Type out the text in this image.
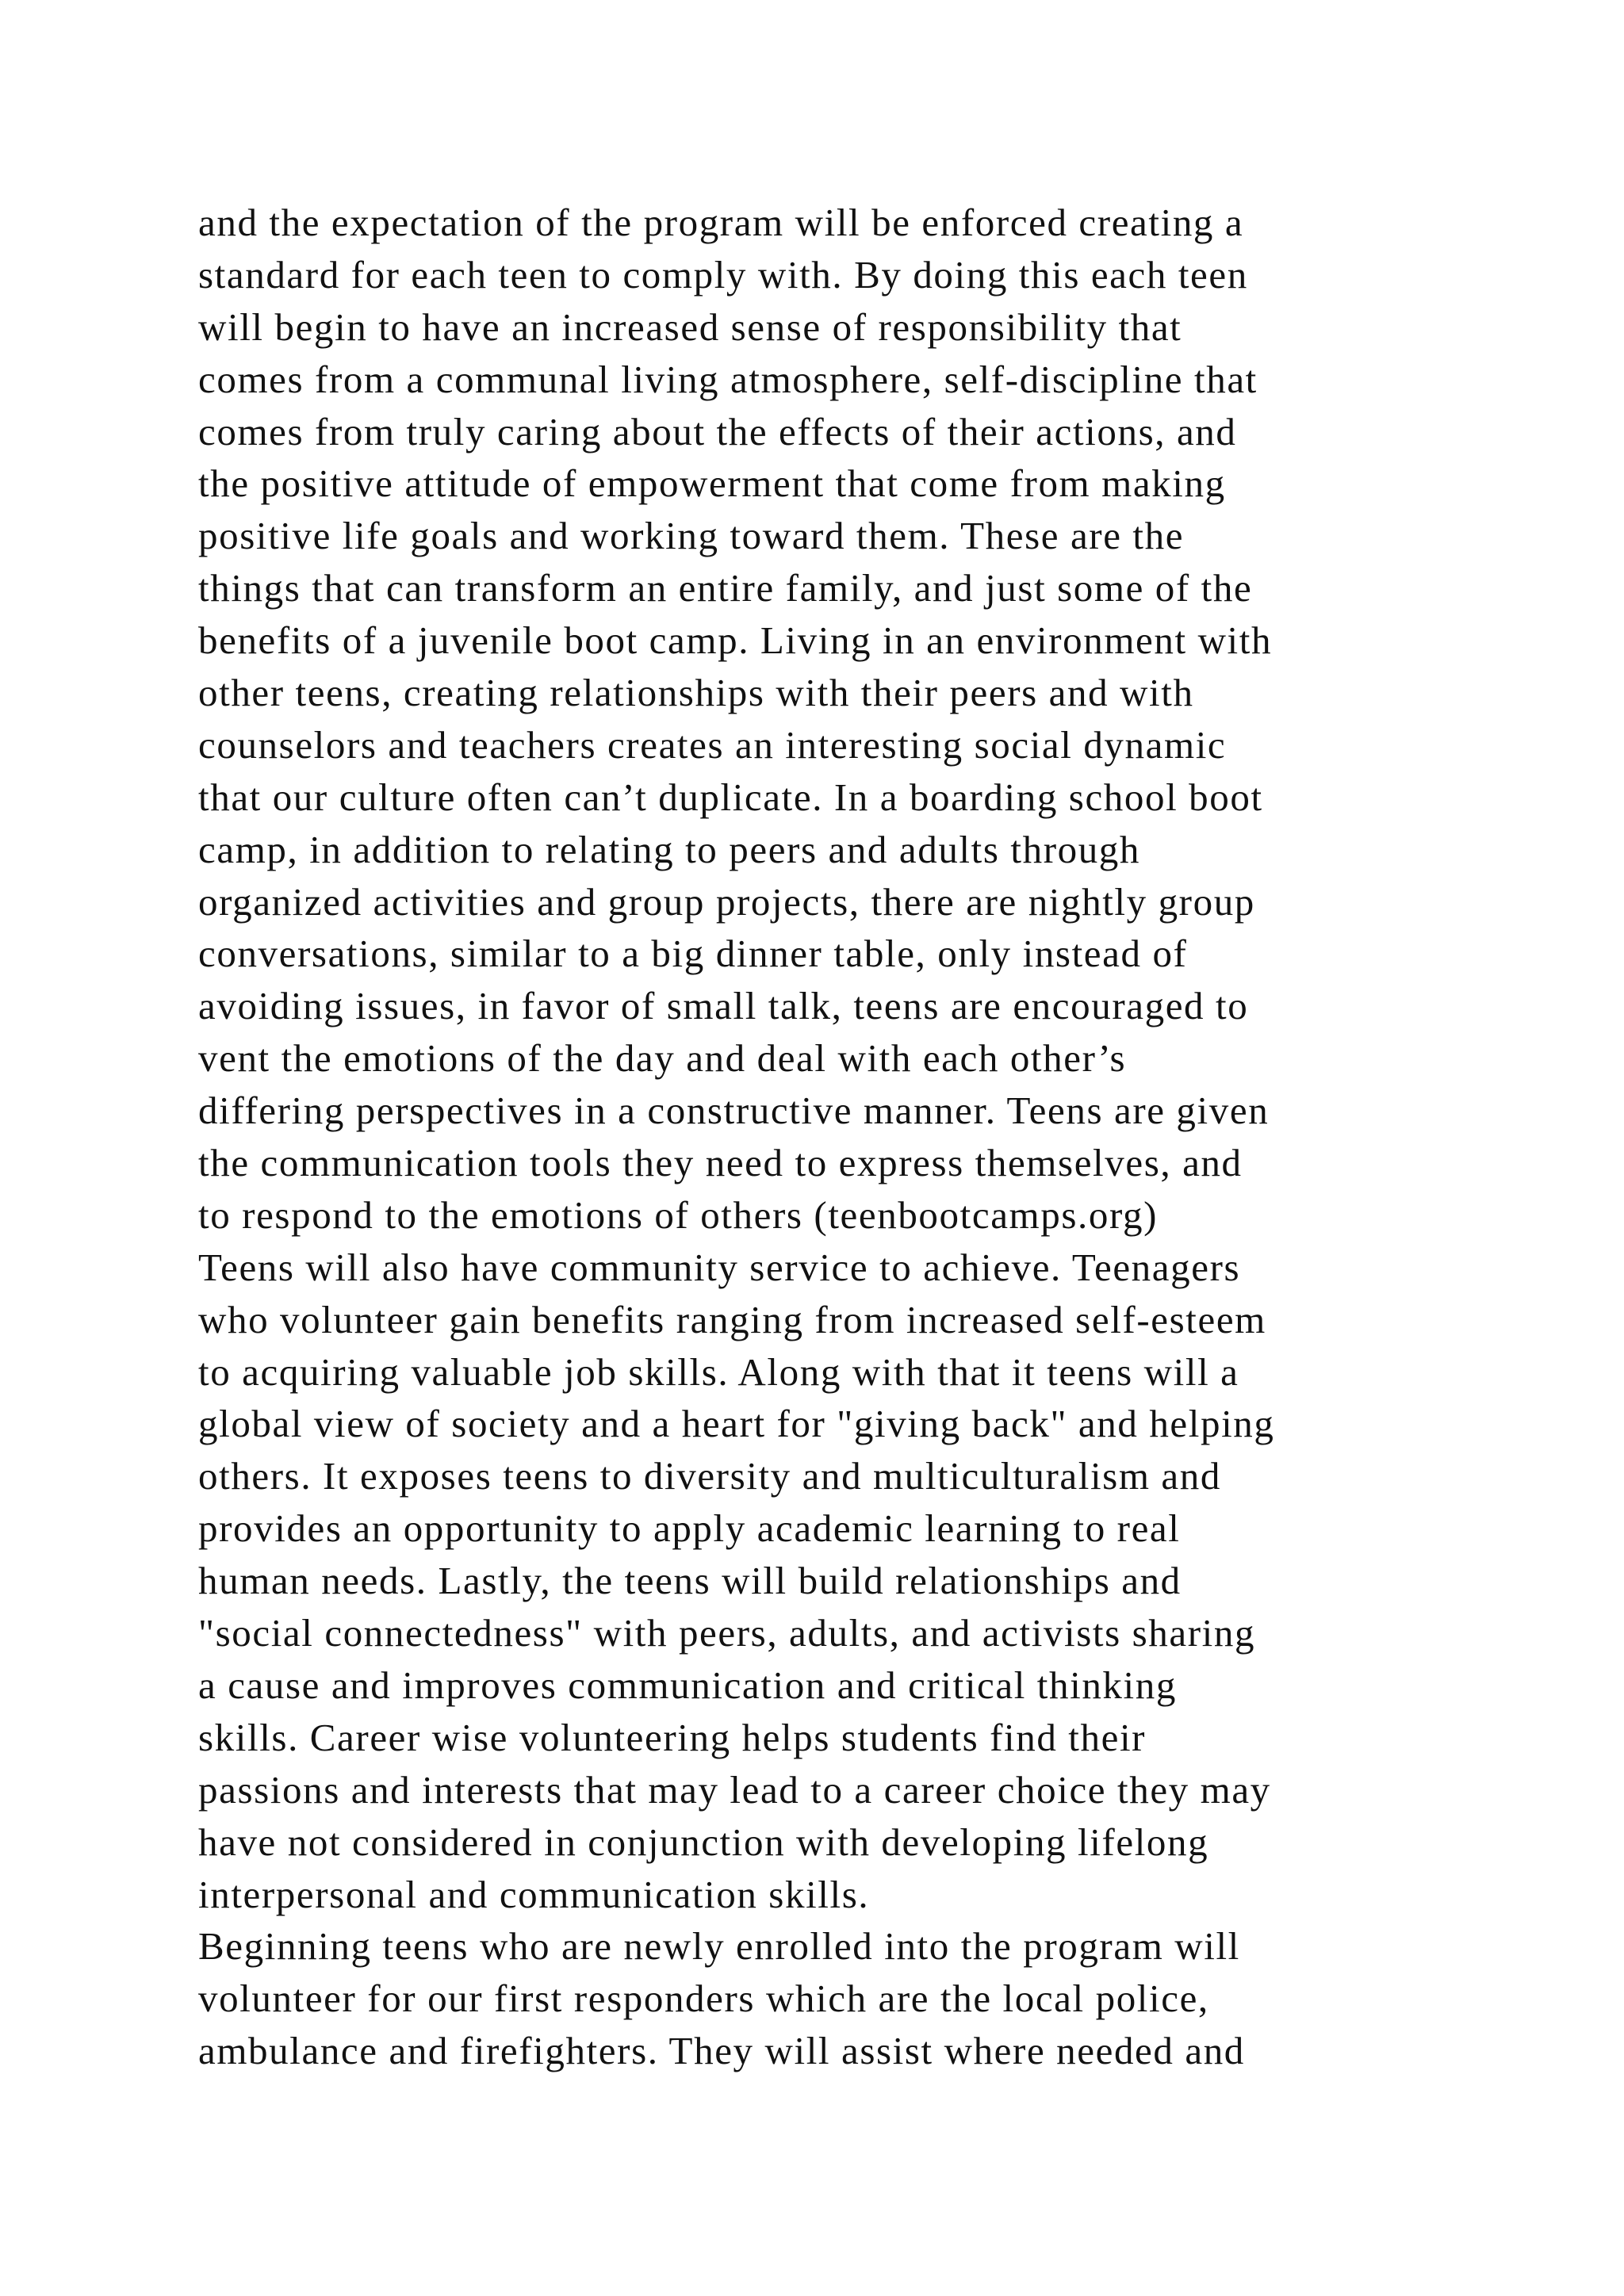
and the expectation of the program will be enforced creating a
standard for each teen to comply with. By doing this each teen
will begin to have an increased sense of responsibility that
comes from a communal living atmosphere, self-discipline that
comes from truly caring about the effects of their actions, and
the positive attitude of empowerment that come from making
positive life goals and working toward them. These are the
things that can transform an entire family, and just some of the
benefits of a juvenile boot camp. Living in an environment with
other teens, creating relationships with their peers and with
counselors and teachers creates an interesting social dynamic
that our culture often can’t duplicate. In a boarding school boot
camp, in addition to relating to peers and adults through
organized activities and group projects, there are nightly group
conversations, similar to a big dinner table, only instead of
avoiding issues, in favor of small talk, teens are encouraged to
vent the emotions of the day and deal with each other’s
differing perspectives in a constructive manner. Teens are given
the communication tools they need to express themselves, and
to respond to the emotions of others (teenbootcamps.org)
Teens will also have community service to achieve. Teenagers
who volunteer gain benefits ranging from increased self-esteem
to acquiring valuable job skills. Along with that it teens will a
global view of society and a heart for "giving back" and helping
others. It exposes teens to diversity and multiculturalism and
provides an opportunity to apply academic learning to real
human needs. Lastly, the teens will build relationships and
"social connectedness" with peers, adults, and activists sharing
a cause and improves communication and critical thinking
skills. Career wise volunteering helps students find their
passions and interests that may lead to a career choice they may
have not considered in conjunction with developing lifelong
interpersonal and communication skills.
Beginning teens who are newly enrolled into the program will
volunteer for our first responders which are the local police,
ambulance and firefighters. They will assist where needed and
